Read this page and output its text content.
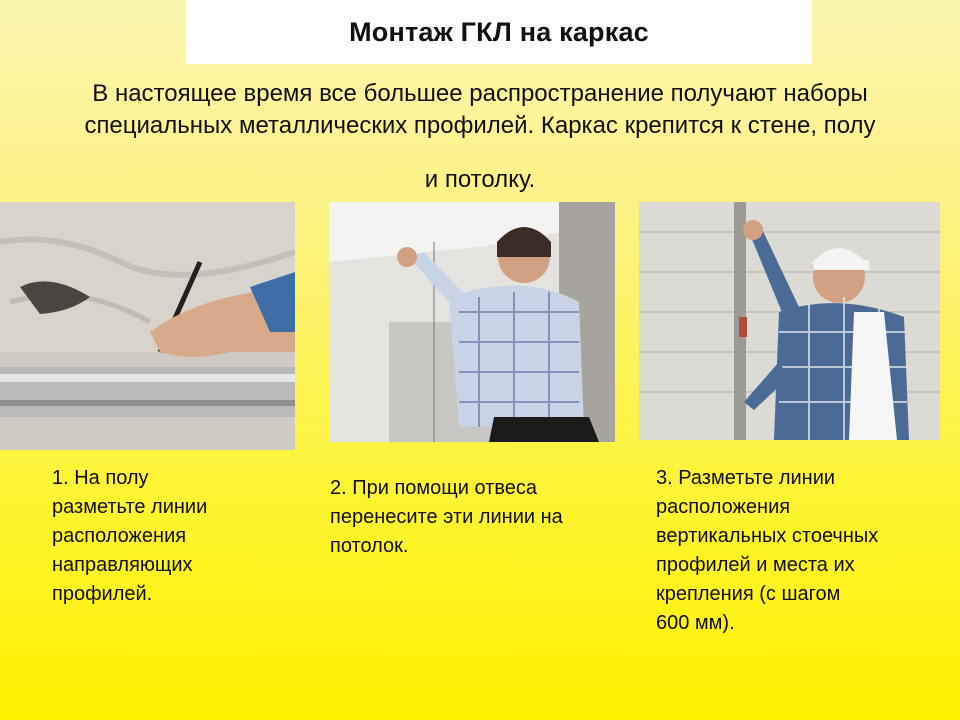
Монтаж ГКЛ на каркас
В настоящее время все большее распространение получают наборы
специальных металлических профилей. Каркас крепится к стене, полу
и потолку.
1. На полу
разметьте линии
расположения
направляющих
профилей.
2. При помощи отвеса
перенесите эти линии на
потолок.
3. Разметьте линии
расположения
вертикальных стоечных
профилей и места их
крепления (с шагом
600 мм).
